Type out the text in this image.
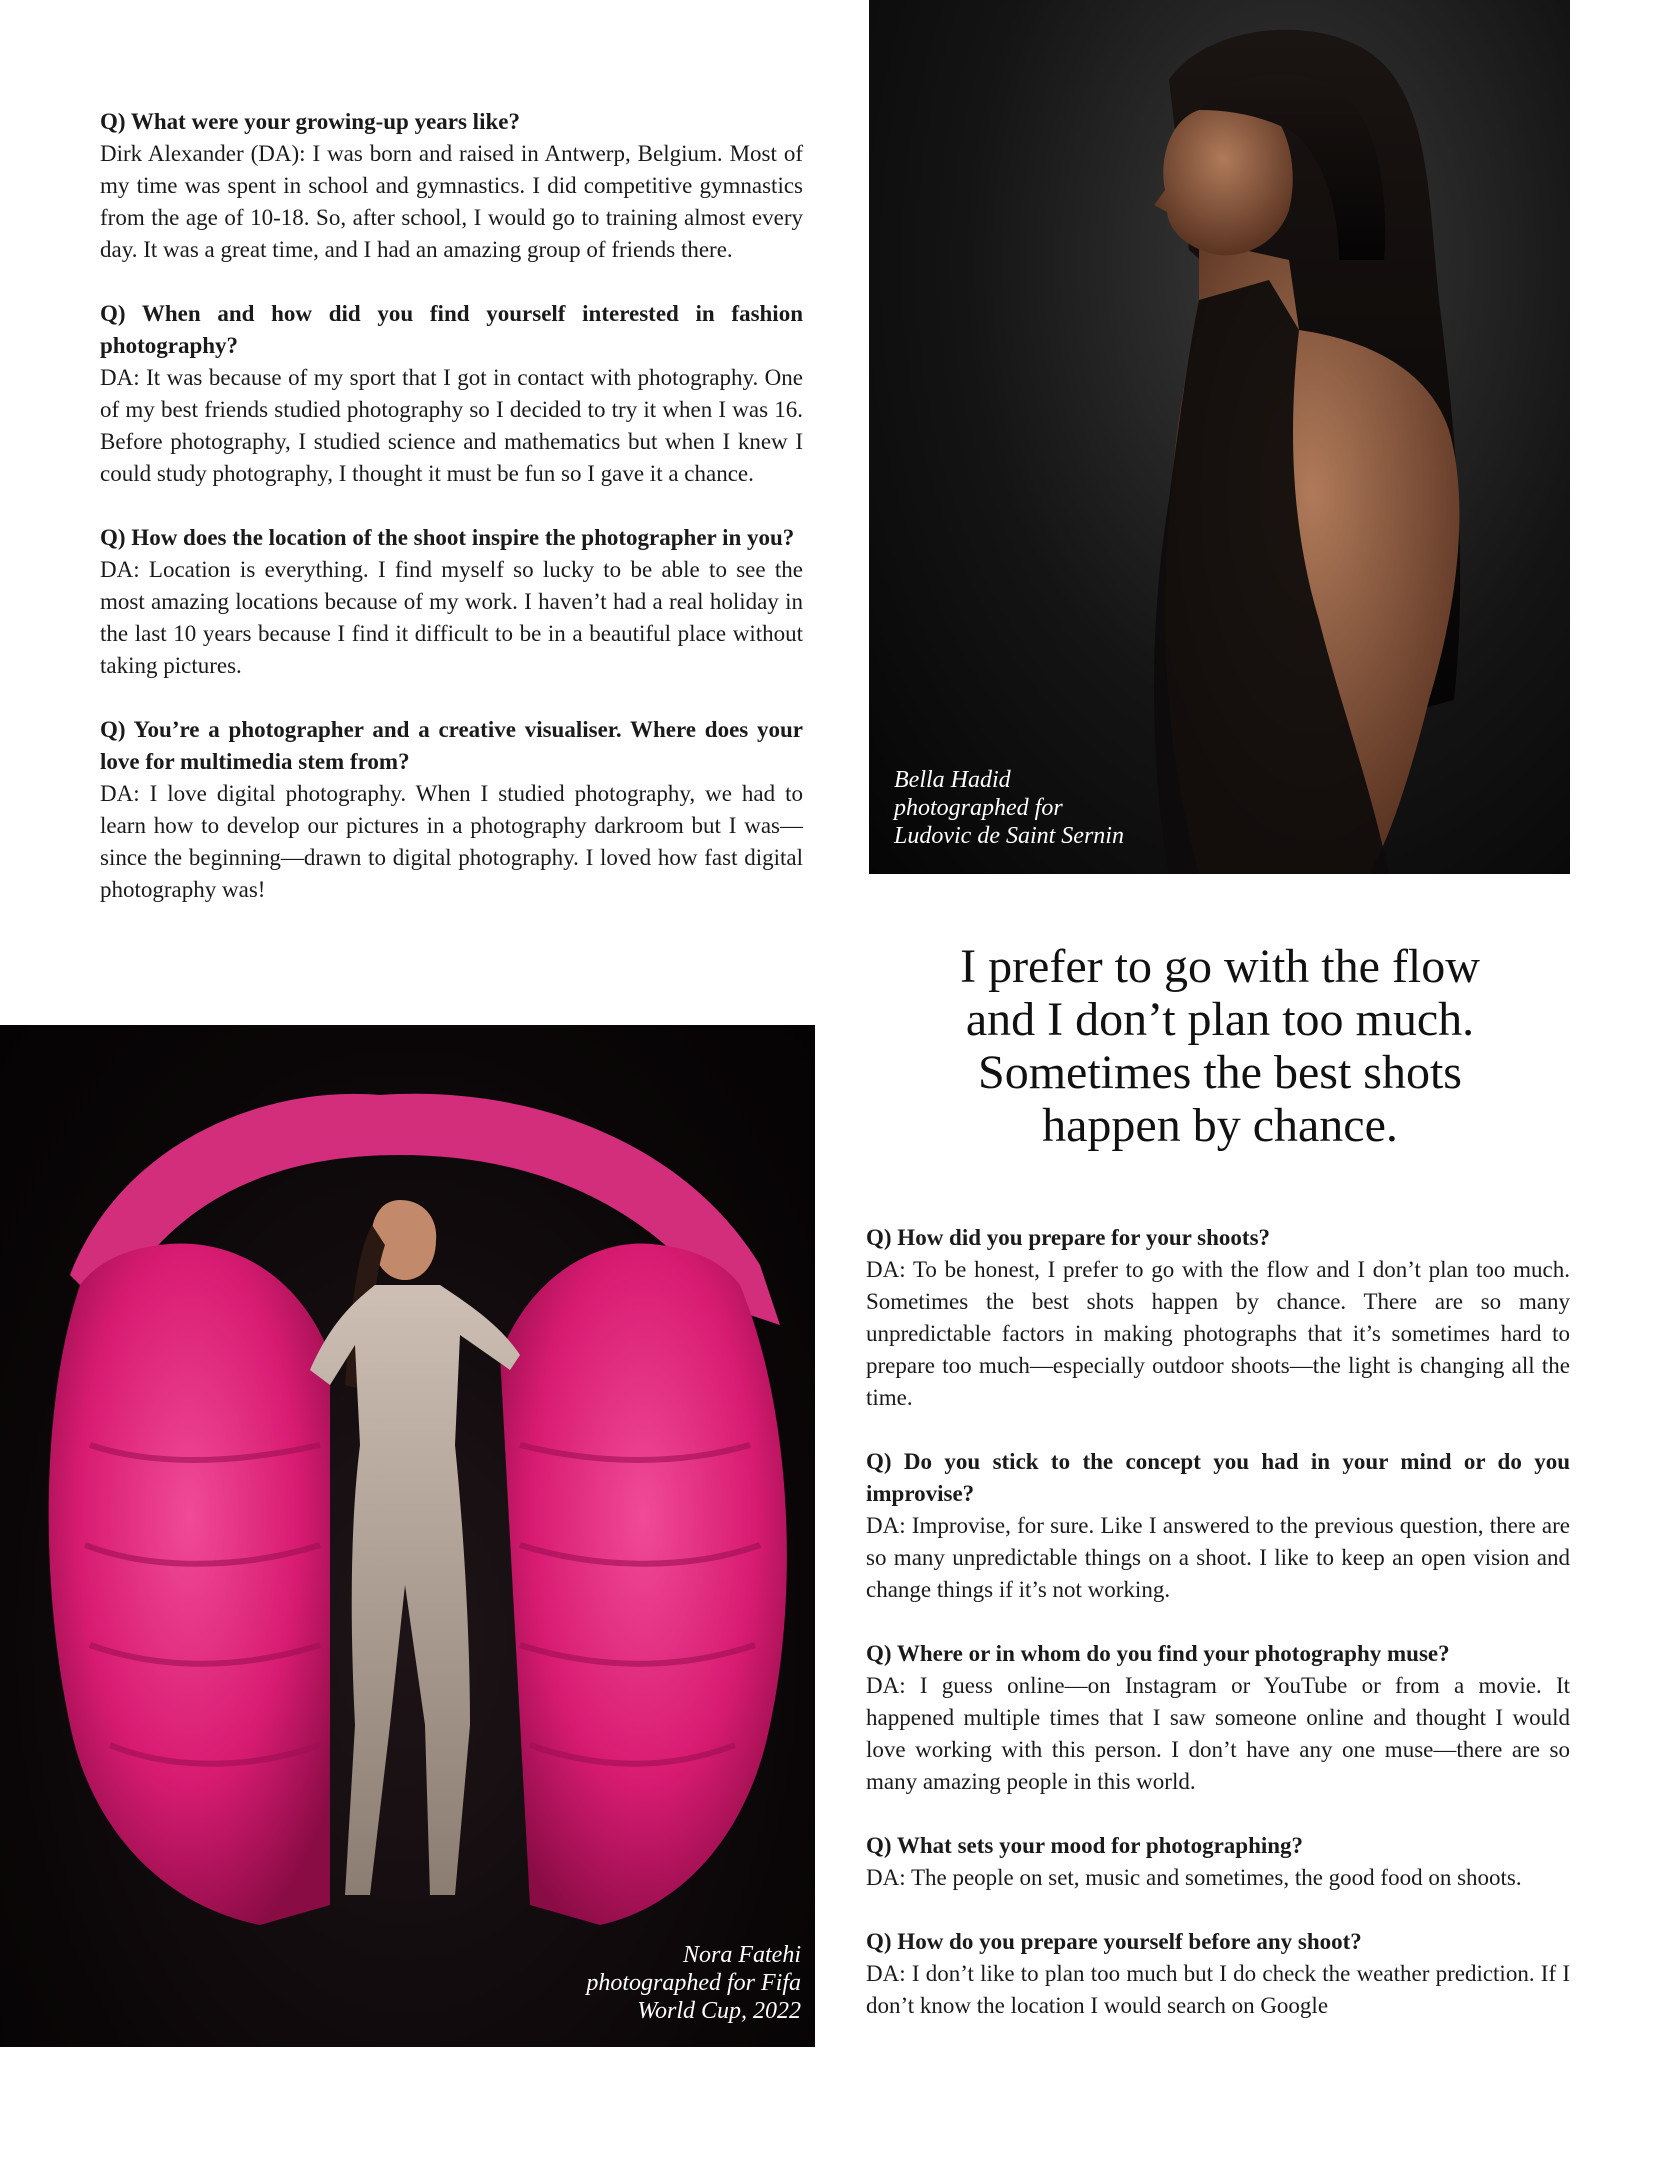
Q) What were your growing-up years like?

Dirk Alexander (DA): I was born and raised in Antwerp, Belgium. Most of my time was spent in school and gymnastics. I did competitive gymnastics from the age of 10-18. So, after school, I would go to training almost every day. It was a great time, and I had an amazing group of friends there.

Q) When and how did you find yourself interested in fashion photography?

DA: It was because of my sport that I got in contact with photography. One of my best friends studied photography so I decided to try it when I was 16. Before photography, I studied science and mathematics but when I knew I could study photography, I thought it must be fun so I gave it a chance.

Q) How does the location of the shoot inspire the photographer in you?

DA: Location is everything. I find myself so lucky to be able to see the most amazing locations because of my work. I haven’t had a real holiday in the last 10 years because I find it difficult to be in a beautiful place without taking pictures.

Q) You’re a photographer and a creative visualiser. Where does your love for multimedia stem from?

DA: I love digital photography. When I studied photography, we had to learn how to develop our pictures in a photography darkroom but I was—since the beginning—drawn to digital photography. I loved how fast digital photography was!

Bella Hadid
photographed for
Ludovic de Saint Sernin

I prefer to go with the flow
and I don’t plan too much.
Sometimes the best shots
happen by chance.

Nora Fatehi
photographed for Fifa
World Cup, 2022

Q) How did you prepare for your shoots?

DA: To be honest, I prefer to go with the flow and I don’t plan too much. Sometimes the best shots happen by chance. There are so many unpredictable factors in making photographs that it’s sometimes hard to prepare too much—especially outdoor shoots—the light is changing all the time.

Q) Do you stick to the concept you had in your mind or do you improvise?

DA: Improvise, for sure. Like I answered to the previous question, there are so many unpredictable things on a shoot. I like to keep an open vision and change things if it’s not working.

Q) Where or in whom do you find your photography muse?

DA: I guess online—on Instagram or YouTube or from a movie. It happened multiple times that I saw someone online and thought I would love working with this person. I don’t have any one muse—there are so many amazing people in this world.

Q) What sets your mood for photographing?

DA: The people on set, music and sometimes, the good food on shoots.

Q) How do you prepare yourself before any shoot?

DA: I don’t like to plan too much but I do check the weather prediction. If I don’t know the location I would search on Google
